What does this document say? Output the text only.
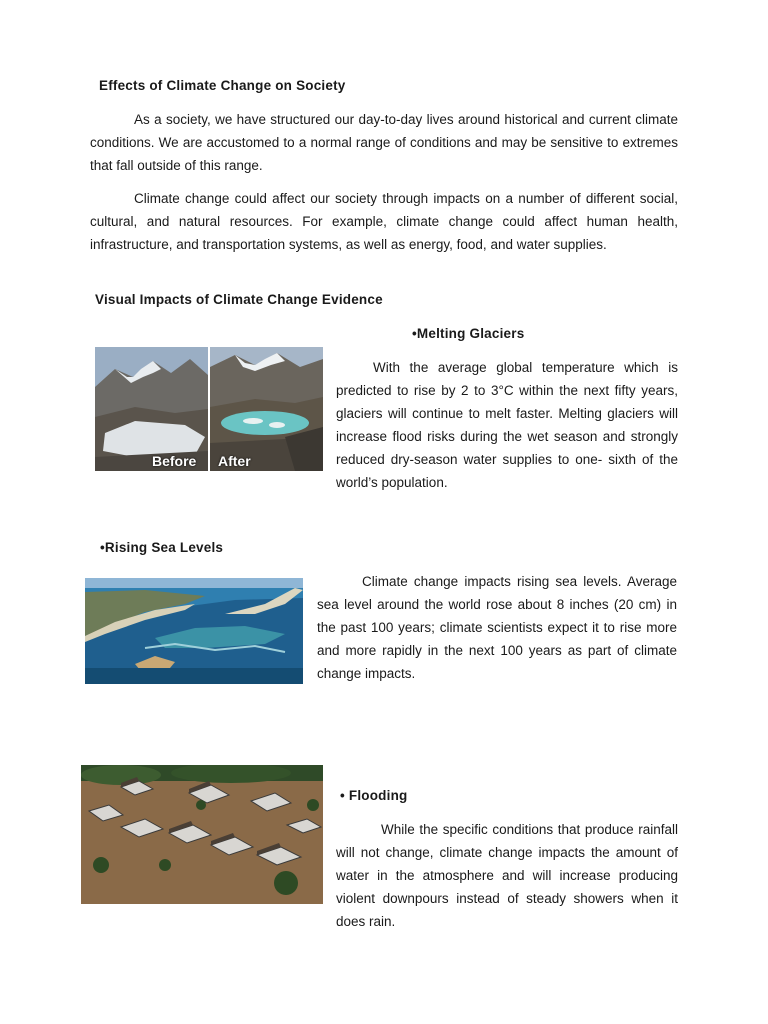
Effects of Climate Change on Society

As a society, we have structured our day-to-day lives around historical and current climate conditions. We are accustomed to a normal range of conditions and may be sensitive to extremes that fall outside of this range.

Climate change could affect our society through impacts on a number of different social, cultural, and natural resources. For example, climate change could affect human health, infrastructure, and transportation systems, as well as energy, food, and water supplies.

Visual Impacts of Climate Change Evidence
•Melting Glaciers
Before After

With the average global temperature which is predicted to rise by 2 to 3°C within the next fifty years, glaciers will continue to melt faster. Melting glaciers will increase flood risks during the wet season and strongly reduced dry-season water supplies to one- sixth of the world’s population.

•Rising Sea Levels

Climate change impacts rising sea levels. Average sea level around the world rose about 8 inches (20 cm) in the past 100 years; climate scientists expect it to rise more and more rapidly in the next 100 years as part of climate change impacts.

• Flooding

While the specific conditions that produce rainfall will not change, climate change impacts the amount of water in the atmosphere and will increase producing violent downpours instead of steady showers when it does rain.
